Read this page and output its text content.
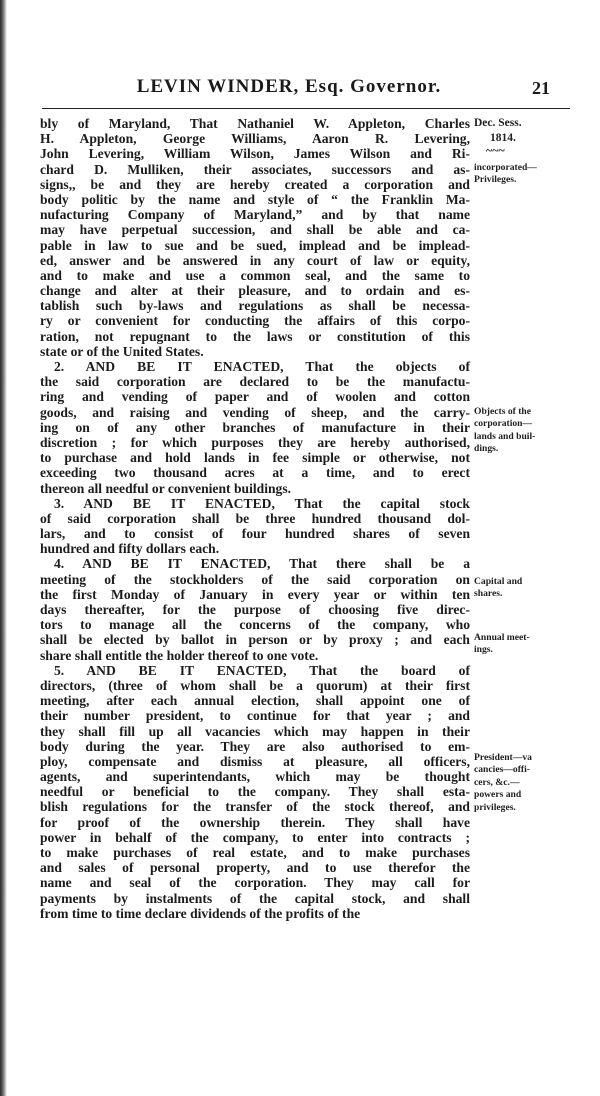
LEVIN WINDER, Esq. Governor.	21

bly of Maryland, That Nathaniel W. Appleton, Charles
H. Appleton, George Williams, Aaron R. Levering,
John Levering, William Wilson, James Wilson and Ri-
chard D. Mulliken, their associates, successors and as-
signs,, be and they are hereby created a corporation and
body politic by the name and style of “ the Franklin Ma-
nufacturing Company of Maryland,” and by that name
may have perpetual succession, and shall be able and ca-
pable in law to sue and be sued, implead and be implead-
ed, answer and be answered in any court of law or equity,
and to make and use a common seal, and the same to
change and alter at their pleasure, and to ordain and es-
tablish such by-laws and regulations as shall be necessa-
ry or convenient for conducting the affairs of this corpo-
ration, not repugnant to the laws or constitution of this
state or of the United States.

2. AND BE IT ENACTED, That the objects of
the said corporation are declared to be the manufactu-
ring and vending of paper and of woolen and cotton
goods, and raising and vending of sheep, and the carry-
ing on of any other branches of manufacture in their
discretion ; for which purposes they are hereby authorised,
to purchase and hold lands in fee simple or otherwise, not
exceeding two thousand acres at a time, and to erect
thereon all needful or convenient buildings.

3. AND BE IT ENACTED, That the capital stock
of said corporation shall be three hundred thousand dol-
lars, and to consist of four hundred shares of seven
hundred and fifty dollars each.

4. AND BE IT ENACTED, That there shall be a
meeting of the stockholders of the said corporation on
the first Monday of January in every year or within ten
days thereafter, for the purpose of choosing five direc-
tors to manage all the concerns of the company, who
shall be elected by ballot in person or by proxy ; and each
share shall entitle the holder thereof to one vote.

5. AND BE IT ENACTED, That the board of
directors, (three of whom shall be a quorum) at their first
meeting, after each annual election, shall appoint one of
their number president, to continue for that year ; and
they shall fill up all vacancies which may happen in their
body during the year. They are also authorised to em-
ploy, compensate and dismiss at pleasure, all officers,
agents, and superintendants, which may be thought
needful or beneficial to the company. They shall esta-
blish regulations for the transfer of the stock thereof, and
for proof of the ownership therein. They shall have
power in behalf of the company, to enter into contracts ;
to make purchases of real estate, and to make purchases
and sales of personal property, and to use therefor the
name and seal of the corporation. They may call for
payments by instalments of the capital stock, and shall
from time to time declare dividends of the profits of the

Dec. Sess.
1814.
~~~
incorporated—
Privileges.
Objects of the
corporation—
lands and buil-
dings.
Capital and
shares.
Annual meet-
ings.
President—va
cancies—offi-
cers, &c.—
powers and
privileges.
